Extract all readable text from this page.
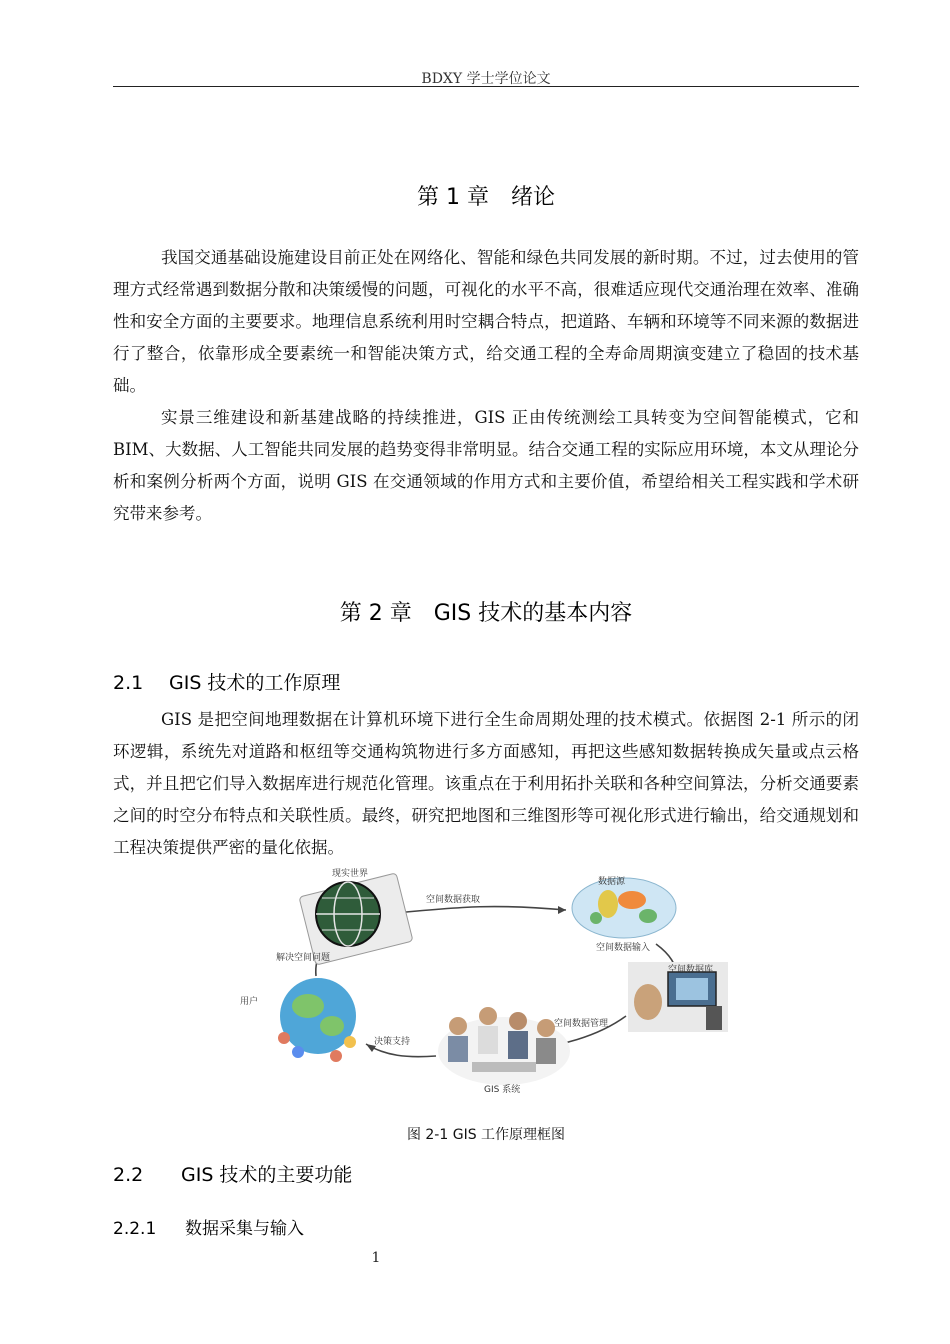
BDXY 学士学位论文
第 1 章 绪论

我国交通基础设施建设目前正处在网络化、智能和绿色共同发展的新时期。不过，过去使用的管理方式经常遇到数据分散和决策缓慢的问题，可视化的水平不高，很难适应现代交通治理在效率、准确性和安全方面的主要要求。地理信息系统利用时空耦合特点，把道路、车辆和环境等不同来源的数据进行了整合，依靠形成全要素统一和智能决策方式，给交通工程的全寿命周期演变建立了稳固的技术基础。

实景三维建设和新基建战略的持续推进，GIS 正由传统测绘工具转变为空间智能模式，它和 BIM、大数据、人工智能共同发展的趋势变得非常明显。结合交通工程的实际应用环境，本文从理论分析和案例分析两个方面，说明 GIS 在交通领域的作用方式和主要价值，希望给相关工程实践和学术研究带来参考。

第 2 章 GIS 技术的基本内容
2.1 GIS 技术的工作原理

GIS 是把空间地理数据在计算机环境下进行全生命周期处理的技术模式。依据图 2-1 所示的闭环逻辑，系统先对道路和枢纽等交通构筑物进行多方面感知，再把这些感知数据转换成矢量或点云格式，并且把它们导入数据库进行规范化管理。该重点在于利用拓扑关联和各种空间算法，分析交通要素之间的时空分布特点和关联性质。最终，研究把地图和三维图形等可视化形式进行输出，给交通规划和工程决策提供严密的量化依据。

现实世界
空间数据获取
数据源
空间数据输入
空间数据库
空间数据管理
GIS 系统
决策支持
用户
解决空间问题
图 2-1 GIS 工作原理框图
2.2 GIS 技术的主要功能
2.2.1 数据采集与输入
1
